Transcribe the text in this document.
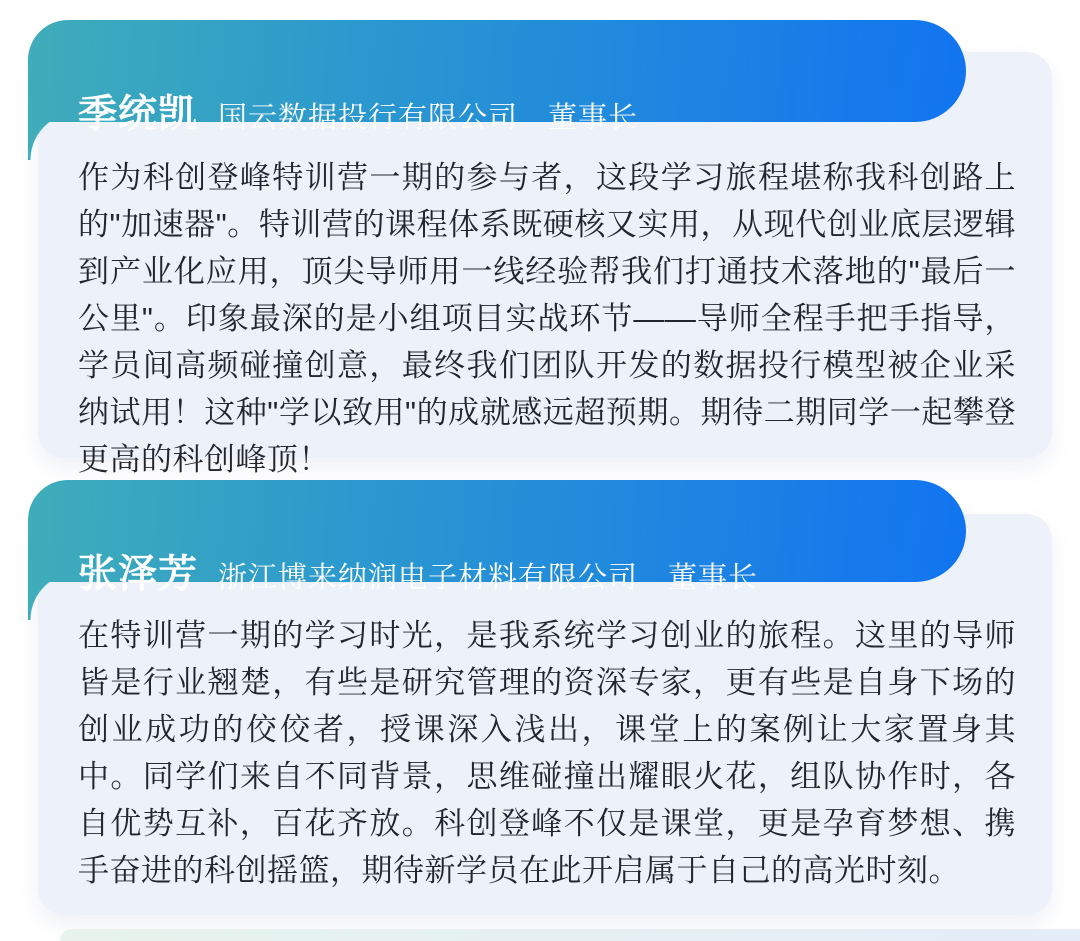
季统凯 国云数据投行有限公司 董事长
作为科创登峰特训营一期的参与者，这段学习旅程堪称我科创路上的"加速器"。特训营的课程体系既硬核又实用，从现代创业底层逻辑到产业化应用，顶尖导师用一线经验帮我们打通技术落地的"最后一公里"。印象最深的是小组项目实战环节——导师全程手把手指导，学员间高频碰撞创意，最终我们团队开发的数据投行模型被企业采纳试用！这种"学以致用"的成就感远超预期。期待二期同学一起攀登更高的科创峰顶！
张泽芳 浙江博来纳润电子材料有限公司 董事长
在特训营一期的学习时光，是我系统学习创业的旅程。这里的导师皆是行业翘楚，有些是研究管理的资深专家，更有些是自身下场的创业成功的佼佼者，授课深入浅出，课堂上的案例让大家置身其中。同学们来自不同背景，思维碰撞出耀眼火花，组队协作时，各自优势互补，百花齐放。科创登峰不仅是课堂，更是孕育梦想、携手奋进的科创摇篮，期待新学员在此开启属于自己的高光时刻。
